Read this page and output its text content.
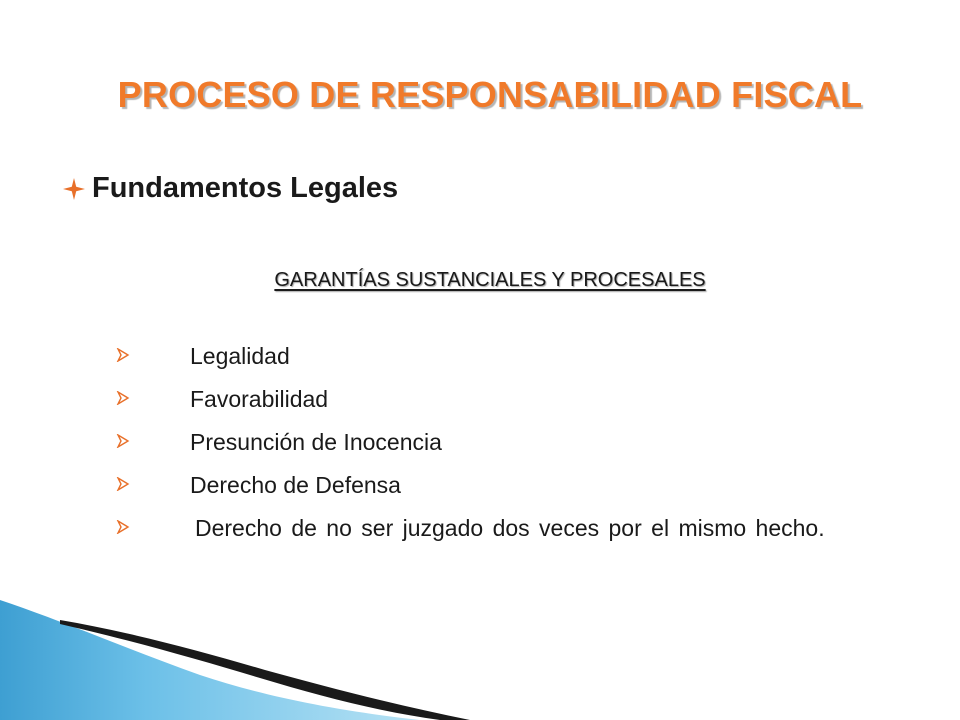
PROCESO DE RESPONSABILIDAD FISCAL
Fundamentos Legales
GARANTÍAS SUSTANCIALES Y PROCESALES
Legalidad
Favorabilidad
Presunción de Inocencia
Derecho de Defensa
Derecho de no ser juzgado dos veces por el mismo hecho.
